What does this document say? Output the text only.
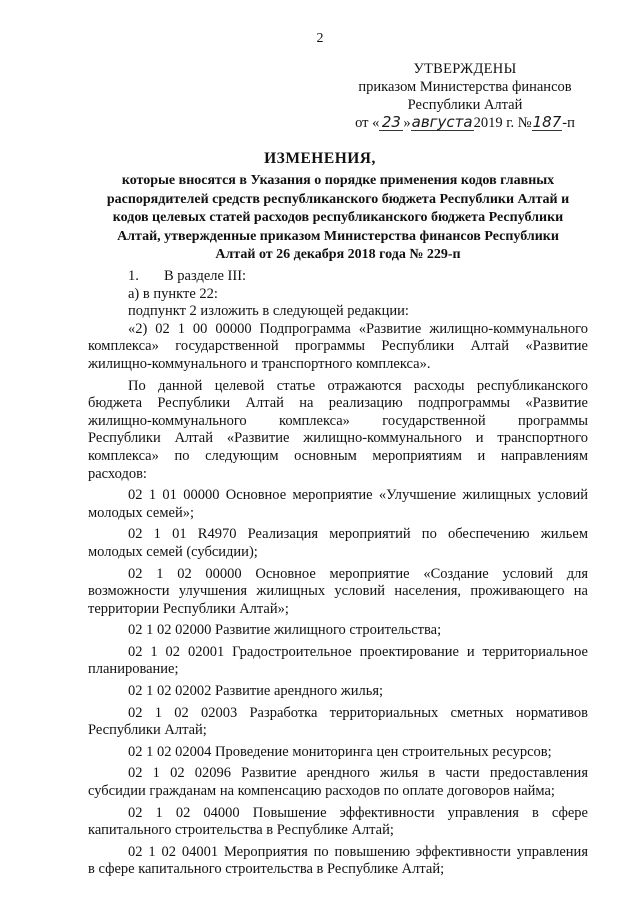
2
УТВЕРЖДЕНЫ
приказом Министерства финансов
Республики Алтай
от « 23 »августа2019 г. №187-п
ИЗМЕНЕНИЯ,
которые вносятся в Указания о порядке применения кодов главных
распорядителей средств республиканского бюджета Республики Алтай и
кодов целевых статей расходов республиканского бюджета Республики
Алтай, утвержденные приказом Министерства финансов Республики
Алтай от 26 декабря 2018 года № 229-п
1. В разделе III:

а) в пункте 22:

подпункт 2 изложить в следующей редакции:

«2) 02 1 00 00000 Подпрограмма «Развитие жилищно-коммунального
комплекса» государственной программы Республики Алтай «Развитие
жилищно-коммунального и транспортного комплекса».
По данной целевой статье отражаются расходы республиканского
бюджета Республики Алтай на реализацию подпрограммы «Развитие
жилищно-коммунального комплекса» государственной программы
Республики Алтай «Развитие жилищно-коммунального и транспортного
комплекса» по следующим основным мероприятиям и направлениям
расходов:
02 1 01 00000 Основное мероприятие «Улучшение жилищных условий
молодых семей»;
02 1 01 R4970 Реализация мероприятий по обеспечению жильем
молодых семей (субсидии);
02 1 02 00000 Основное мероприятие «Создание условий для
возможности улучшения жилищных условий населения, проживающего на
территории Республики Алтай»;
02 1 02 02000 Развитие жилищного строительства;
02 1 02 02001 Градостроительное проектирование и территориальное
планирование;
02 1 02 02002 Развитие арендного жилья;
02 1 02 02003 Разработка территориальных сметных нормативов
Республики Алтай;
02 1 02 02004 Проведение мониторинга цен строительных ресурсов;
02 1 02 02096 Развитие арендного жилья в части предоставления
субсидии гражданам на компенсацию расходов по оплате договоров найма;
02 1 02 04000 Повышение эффективности управления в сфере
капитального строительства в Республике Алтай;
02 1 02 04001 Мероприятия по повышению эффективности управления
в сфере капитального строительства в Республике Алтай;
